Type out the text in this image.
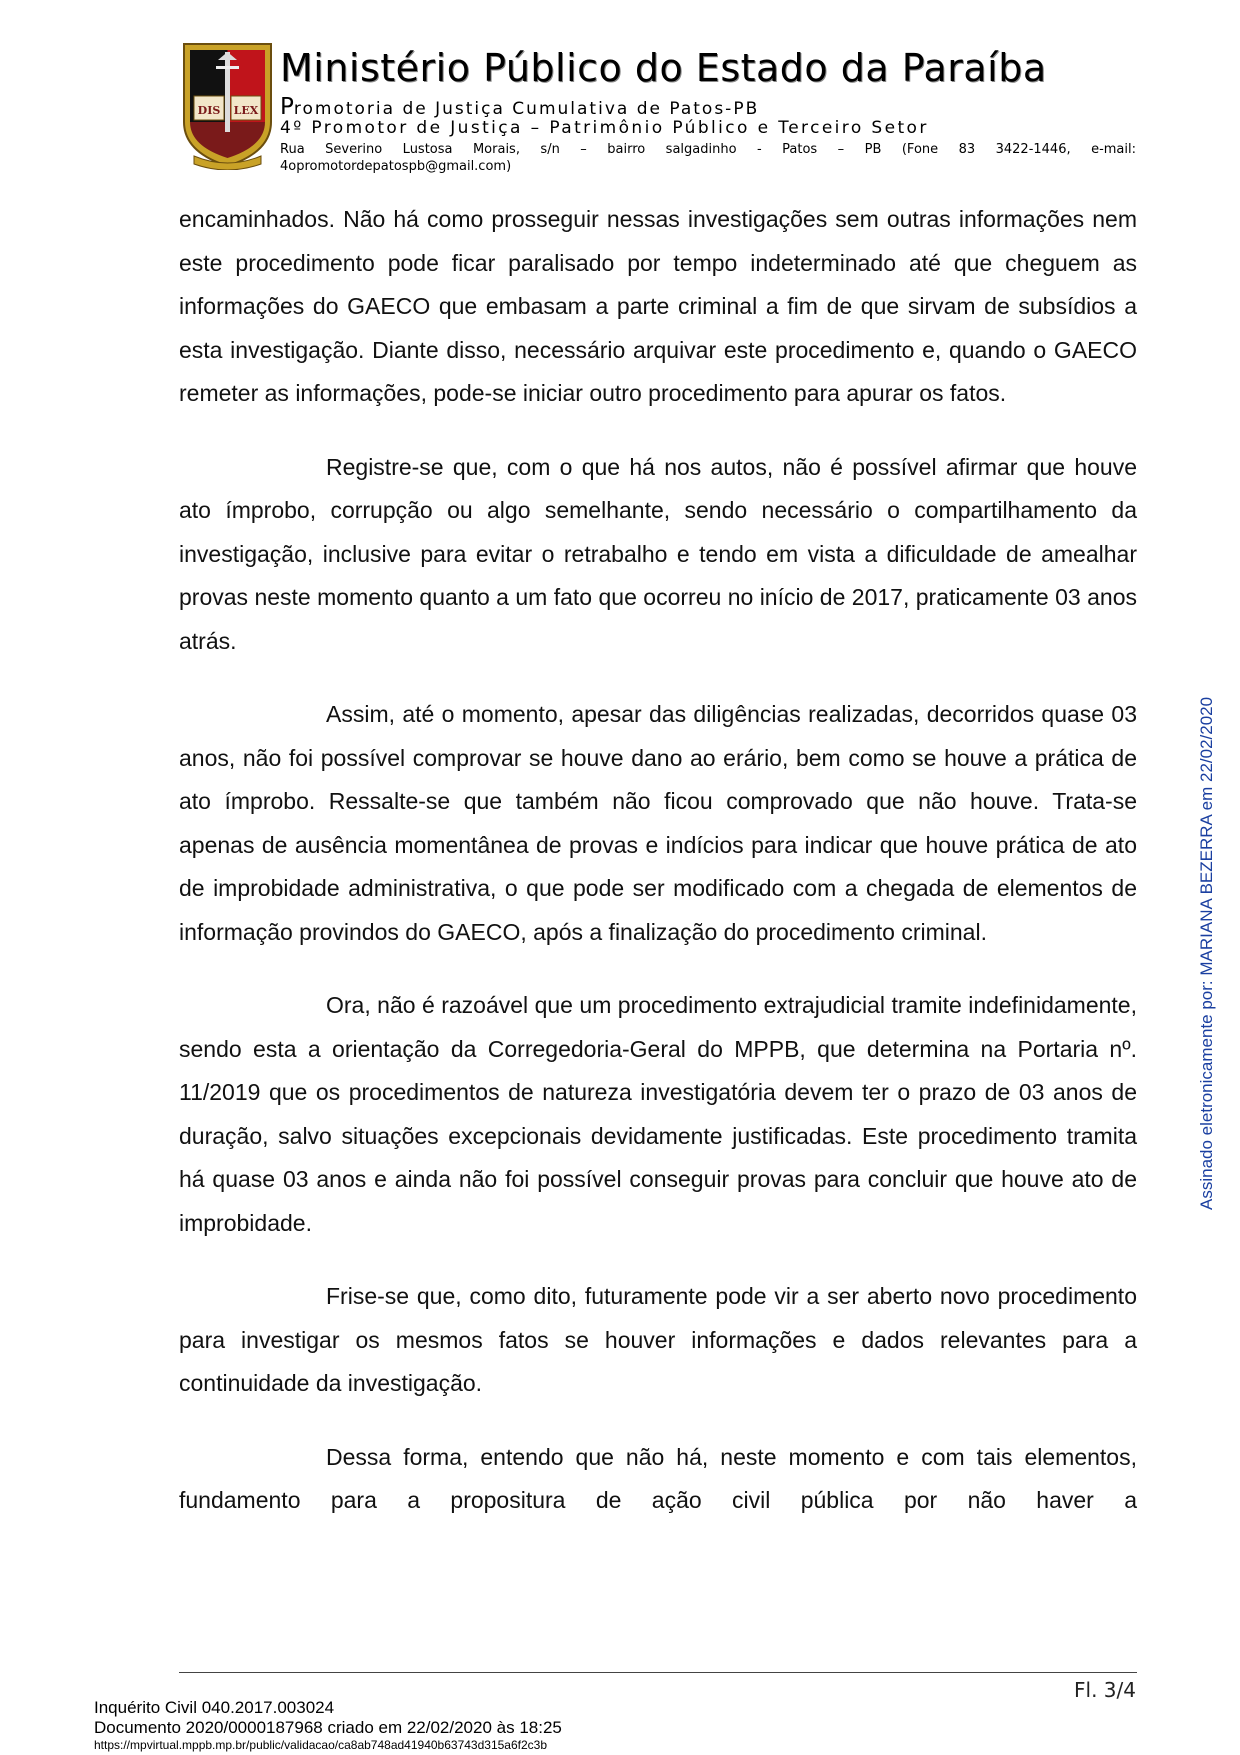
DIS LEX
Ministério Público do Estado da Paraíba
Promotoria de Justiça Cumulativa de Patos-PB
4º Promotor de Justiça – Patrimônio Público e Terceiro Setor
Rua Severino Lustosa Morais, s/n – bairro salgadinho - Patos – PB (Fone 83 3422-1446, e-mail:
4opromotordepatospb@gmail.com)

encaminhados. Não há como prosseguir nessas investigações sem outras informações nem este procedimento pode ficar paralisado por tempo indeterminado até que cheguem as informações do GAECO que embasam a parte criminal a fim de que sirvam de subsídios a esta investigação. Diante disso, necessário arquivar este procedimento e, quando o GAECO remeter as informações, pode-se iniciar outro procedimento para apurar os fatos.

Registre-se que, com o que há nos autos, não é possível afirmar que houve ato ímprobo, corrupção ou algo semelhante, sendo necessário o compartilhamento da investigação, inclusive para evitar o retrabalho e tendo em vista a dificuldade de amealhar provas neste momento quanto a um fato que ocorreu no início de 2017, praticamente 03 anos atrás.

Assim, até o momento, apesar das diligências realizadas, decorridos quase 03 anos, não foi possível comprovar se houve dano ao erário, bem como se houve a prática de ato ímprobo. Ressalte-se que também não ficou comprovado que não houve. Trata-se apenas de ausência momentânea de provas e indícios para indicar que houve prática de ato de improbidade administrativa, o que pode ser modificado com a chegada de elementos de informação provindos do GAECO, após a finalização do procedimento criminal.

Ora, não é razoável que um procedimento extrajudicial tramite indefinidamente, sendo esta a orientação da Corregedoria-Geral do MPPB, que determina na Portaria nº. 11/2019 que os procedimentos de natureza investigatória devem ter o prazo de 03 anos de duração, salvo situações excepcionais devidamente justificadas. Este procedimento tramita há quase 03 anos e ainda não foi possível conseguir provas para concluir que houve ato de improbidade.

Frise-se que, como dito, futuramente pode vir a ser aberto novo procedimento para investigar os mesmos fatos se houver informações e dados relevantes para a continuidade da investigação.

Dessa forma, entendo que não há, neste momento e com tais elementos, fundamento para a propositura de ação civil pública por não haver a

Assinado eletronicamente por: MARIANA BEZERRA em 22/02/2020
Fl. 3/4
Inquérito Civil 040.2017.003024
Documento 2020/0000187968 criado em 22/02/2020 às 18:25
https://mpvirtual.mppb.mp.br/public/validacao/ca8ab748ad41940b63743d315a6f2c3b
